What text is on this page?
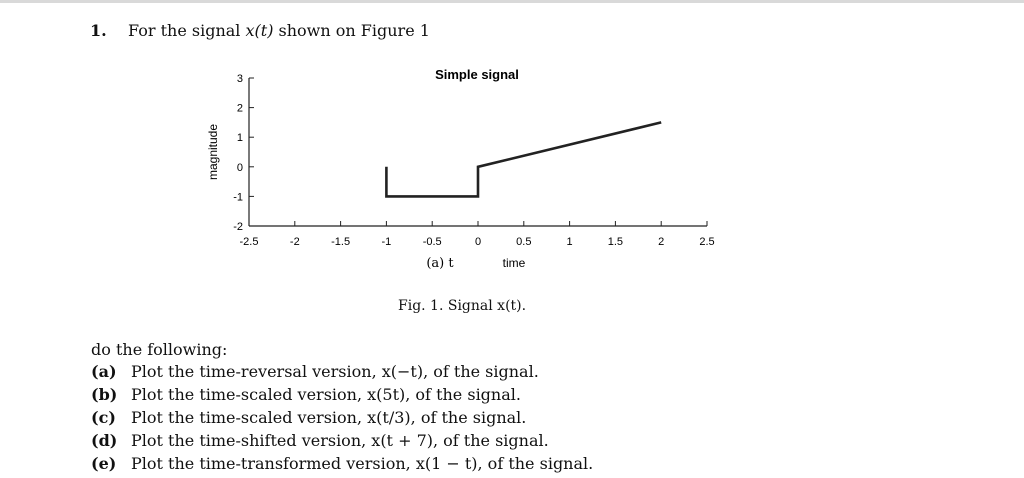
1. For the signal x(t) shown on Figure 1
-2.5	-2	-1.5	-1	-0.5	0	0.5	1	1.5	2	2.5
-2
-1
0
1
2
3	Simple signal
magnitude
(a) t	time
Fig. 1. Signal x(t).
do the following:
(a) Plot the time-reversal version, x(−t), of the signal.
(b) Plot the time-scaled version, x(5t), of the signal.
(c) Plot the time-scaled version, x(t/3), of the signal.
(d) Plot the time-shifted version, x(t + 7), of the signal.
(e) Plot the time-transformed version, x(1 − t), of the signal.
